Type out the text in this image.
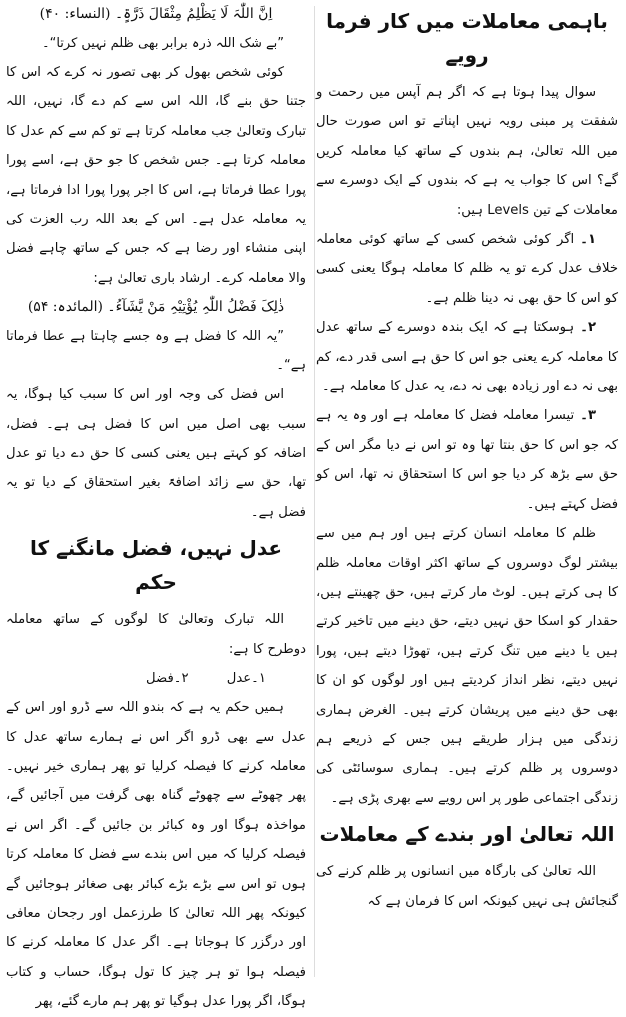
باہمی معاملات میں کار فرما رویے

سوال پیدا ہوتا ہے کہ اگر ہم آپس میں رحمت و شفقت پر مبنی رویہ نہیں اپناتے تو اس صورت حال میں اللہ تعالیٰ، ہم بندوں کے ساتھ کیا معاملہ کریں گے؟ اس کا جواب یہ ہے کہ بندوں کے ایک دوسرے سے معاملات کے تین Levels ہیں:

۱۔اگر کوئی شخص کسی کے ساتھ کوئی معاملہ خلاف عدل کرے تو یہ ظلم کا معاملہ ہوگا یعنی کسی کو اس کا حق بھی نہ دینا ظلم ہے۔

۲۔ہوسکتا ہے کہ ایک بندہ دوسرے کے ساتھ عدل کا معاملہ کرے یعنی جو اس کا حق ہے اسی قدر دے، کم بھی نہ دے اور زیادہ بھی نہ دے، یہ عدل کا معاملہ ہے۔

۳۔تیسرا معاملہ فضل کا معاملہ ہے اور وہ یہ ہے کہ جو اس کا حق بنتا تھا وہ تو اس نے دیا مگر اس کے حق سے بڑھ کر دیا جو اس کا استحقاق نہ تھا، اس کو فضل کہتے ہیں۔

ظلم کا معاملہ انسان کرتے ہیں اور ہم میں سے بیشتر لوگ دوسروں کے ساتھ اکثر اوقات معاملہ ظلم کا ہی کرتے ہیں۔ لوٹ مار کرتے ہیں، حق چھینتے ہیں، حقدار کو اسکا حق نہیں دیتے، حق دینے میں تاخیر کرتے ہیں یا دینے میں تنگ کرتے ہیں، تھوڑا دیتے ہیں، پورا نہیں دیتے، نظر انداز کردیتے ہیں اور لوگوں کو ان کا بھی حق دینے میں پریشان کرتے ہیں۔ الغرض ہماری زندگی میں ہزار طریقے ہیں جس کے ذریعے ہم دوسروں پر ظلم کرتے ہیں۔ ہماری سوسائٹی کی زندگی اجتماعی طور پر اس رویے سے بھری پڑی ہے۔

اللہ تعالیٰ اور بندے کے معاملات

اللہ تعالیٰ کی بارگاہ میں انسانوں پر ظلم کرنے کی گنجائش ہی نہیں کیونکہ اس کا فرمان ہے کہ

اِنَّ اللّٰہَ لَا یَظْلِمُ مِثْقَالَ ذَرَّۃٍ۔ (النساء: ۴۰)

”بے شک اللہ ذرہ برابر بھی ظلم نہیں کرتا“۔

کوئی شخص بھول کر بھی تصور نہ کرے کہ اس کا جتنا حق بنے گا، اللہ اس سے کم دے گا، نہیں، اللہ تبارک وتعالیٰ جب معاملہ کرتا ہے تو کم سے کم عدل کا معاملہ کرتا ہے۔ جس شخص کا جو حق ہے، اسے پورا پورا عطا فرماتا ہے، اس کا اجر پورا پورا ادا فرماتا ہے، یہ معاملہ عدل ہے۔ اس کے بعد اللہ رب العزت کی اپنی منشاء اور رضا ہے کہ جس کے ساتھ چاہے فضل والا معاملہ کرے۔ ارشاد باری تعالیٰ ہے:

ذٰلِکَ فَضْلُ اللّٰہِ یُؤْتِیْہِ مَنْ یَّشَآءُ۔ (المائدہ: ۵۴)

”یہ اللہ کا فضل ہے وہ جسے چاہتا ہے عطا فرماتا ہے“۔

اس فضل کی وجہ اور اس کا سبب کیا ہوگا، یہ سبب بھی اصل میں اس کا فضل ہی ہے۔ فضل، اضافہ کو کہتے ہیں یعنی کسی کا حق دے دیا تو عدل تھا، حق سے زائد اضافۃً بغیر استحقاق کے دیا تو یہ فضل ہے۔

عدل نہیں، فضل مانگنے کا حکم

اللہ تبارک وتعالیٰ کا لوگوں کے ساتھ معاملہ دوطرح کا ہے:

۱۔عدل ۲۔فضل

ہمیں حکم یہ ہے کہ بندو اللہ سے ڈرو اور اس کے عدل سے بھی ڈرو اگر اس نے ہمارے ساتھ عدل کا معاملہ کرنے کا فیصلہ کرلیا تو پھر ہماری خیر نہیں۔ پھر چھوٹے سے چھوٹے گناہ بھی گرفت میں آجائیں گے، مواخذہ ہوگا اور وہ کبائر بن جائیں گے۔ اگر اس نے فیصلہ کرلیا کہ میں اس بندے سے فضل کا معاملہ کرتا ہوں تو اس سے بڑے بڑے کبائر بھی صغائر ہوجائیں گے کیونکہ پھر اللہ تعالیٰ کا طرزعمل اور رجحان معافی اور درگزر کا ہوجاتا ہے۔ اگر عدل کا معاملہ کرنے کا فیصلہ ہوا تو ہر چیز کا تول ہوگا، حساب و کتاب ہوگا، اگر پورا عدل ہوگیا تو پھر ہم مارے گئے، پھر
